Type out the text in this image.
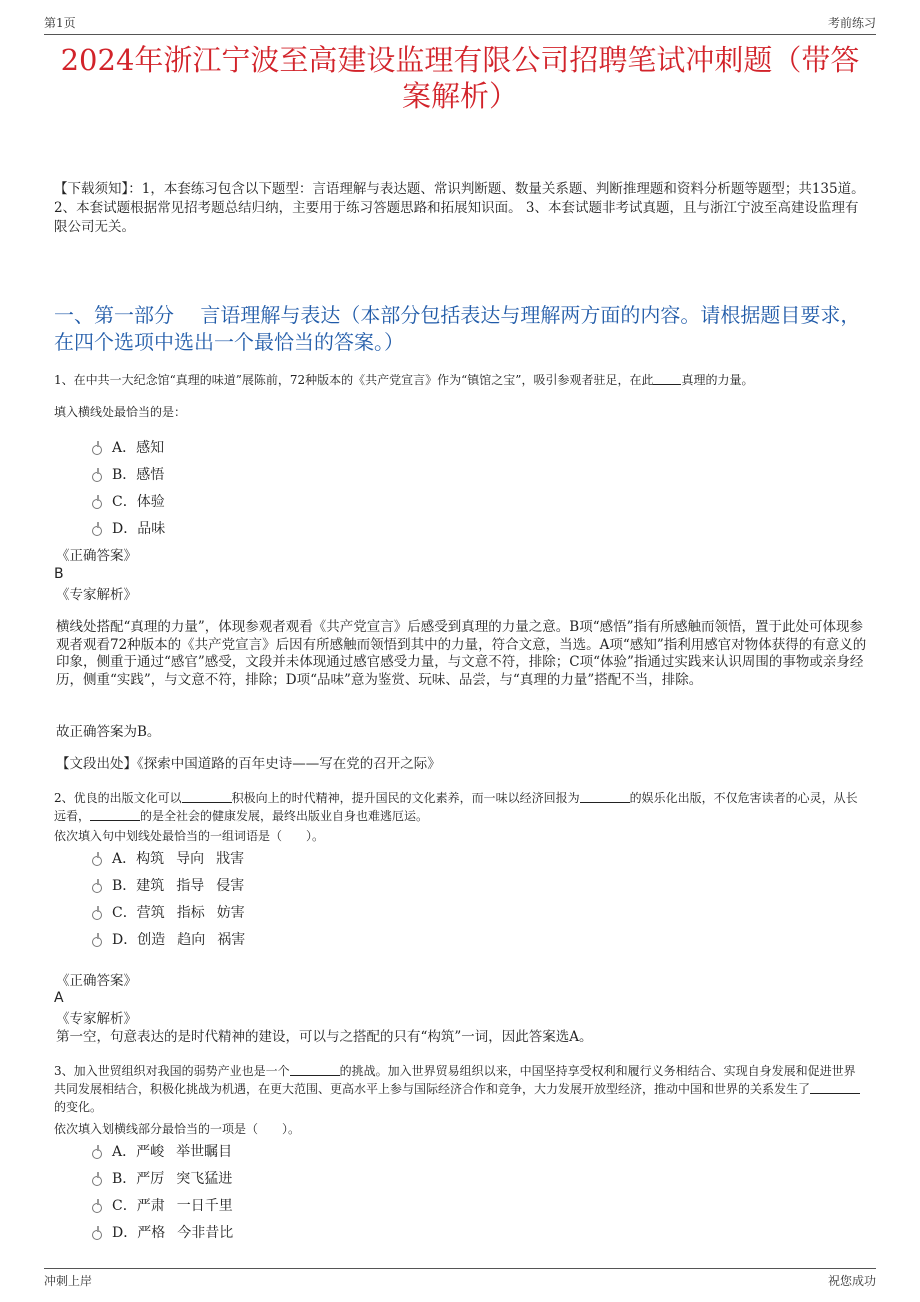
第1页	考前练习
2024年浙江宁波至高建设监理有限公司招聘笔试冲刺题（带答案解析）
【下载须知】：1，本套练习包含以下题型：言语理解与表达题、常识判断题、数量关系题、判断推理题和资料分析题等题型；共135道。 2、本套试题根据常见招考题总结归纳，主要用于练习答题思路和拓展知识面。 3、本套试题非考试真题，且与浙江宁波至高建设监理有限公司无关。
一、第一部分　 言语理解与表达（本部分包括表达与理解两方面的内容。请根据题目要求，在四个选项中选出一个最恰当的答案。）
1、在中共一大纪念馆“真理的味道”展陈前，72种版本的《共产党宣言》作为“镇馆之宝”，吸引参观者驻足，在此 真理的力量。
填入横线处最恰当的是：
A．感知
B．感悟
C．体验
D．品味
《正确答案》
B
《专家解析》
横线处搭配“真理的力量”，体现参观者观看《共产党宣言》后感受到真理的力量之意。B项“感悟”指有所感触而领悟，置于此处可体现参观者观看72种版本的《共产党宣言》后因有所感触而领悟到其中的力量，符合文意，当选。A项“感知”指利用感官对物体获得的有意义的印象，侧重于通过“感官”感受，文段并未体现通过感官感受力量，与文意不符，排除；C项“体验”指通过实践来认识周围的事物或亲身经历，侧重“实践”，与文意不符，排除；D项“品味”意为鉴赏、玩味、品尝，与“真理的力量”搭配不当，排除。
故正确答案为B。
【文段出处】《探索中国道路的百年史诗——写在党的召开之际》
2、优良的出版文化可以	积极向上的时代精神，提升国民的文化素养，而一味以经济回报为	的娱乐化出版，不仅危害读者的心灵，从长远看，	的是全社会的健康发展，最终出版业自身也难逃厄运。
依次填入句中划线处最恰当的一组词语是（　　）。
A．构筑 导向 戕害
B．建筑 指导 侵害
C．营筑 指标 妨害
D．创造 趋向 祸害
《正确答案》
A
《专家解析》
第一空，句意表达的是时代精神的建设，可以与之搭配的只有“构筑”一词，因此答案选A。
3、加入世贸组织对我国的弱势产业也是一个	的挑战。加入世界贸易组织以来，中国坚持享受权利和履行义务相结合、实现自身发展和促进世界共同发展相结合，积极化挑战为机遇，在更大范围、更高水平上参与国际经济合作和竞争，大力发展开放型经济，推动中国和世界的关系发生了的变化。
依次填入划横线部分最恰当的一项是（　　）。
A．严峻 举世瞩目
B．严厉 突飞猛进
C．严肃 一日千里
D．严格 今非昔比
冲刺上岸	祝您成功
